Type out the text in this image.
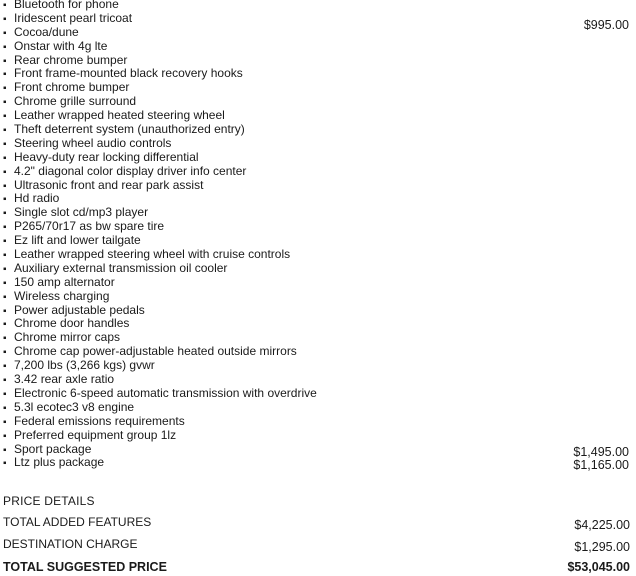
▪ Bluetooth for phone
▪ Iridescent pearl tricoat	$995.00
▪ Cocoa/dune
▪ Onstar with 4g lte
▪ Rear chrome bumper
▪ Front frame-mounted black recovery hooks
▪ Front chrome bumper
▪ Chrome grille surround
▪ Leather wrapped heated steering wheel
▪ Theft deterrent system (unauthorized entry)
▪ Steering wheel audio controls
▪ Heavy-duty rear locking differential
▪ 4.2" diagonal color display driver info center
▪ Ultrasonic front and rear park assist
▪ Hd radio
▪ Single slot cd/mp3 player
▪ P265/70r17 as bw spare tire
▪ Ez lift and lower tailgate
▪ Leather wrapped steering wheel with cruise controls
▪ Auxiliary external transmission oil cooler
▪ 150 amp alternator
▪ Wireless charging
▪ Power adjustable pedals
▪ Chrome door handles
▪ Chrome mirror caps
▪ Chrome cap power-adjustable heated outside mirrors
▪ 7,200 lbs (3,266 kgs) gvwr
▪ 3.42 rear axle ratio
▪ Electronic 6-speed automatic transmission with overdrive
▪ 5.3l ecotec3 v8 engine
▪ Federal emissions requirements
▪ Preferred equipment group 1lz
▪ Sport package	$1,495.00
▪ Ltz plus package	$1,165.00
PRICE DETAILS
TOTAL ADDED FEATURES	$4,225.00
DESTINATION CHARGE	$1,295.00
TOTAL SUGGESTED PRICE	$53,045.00
